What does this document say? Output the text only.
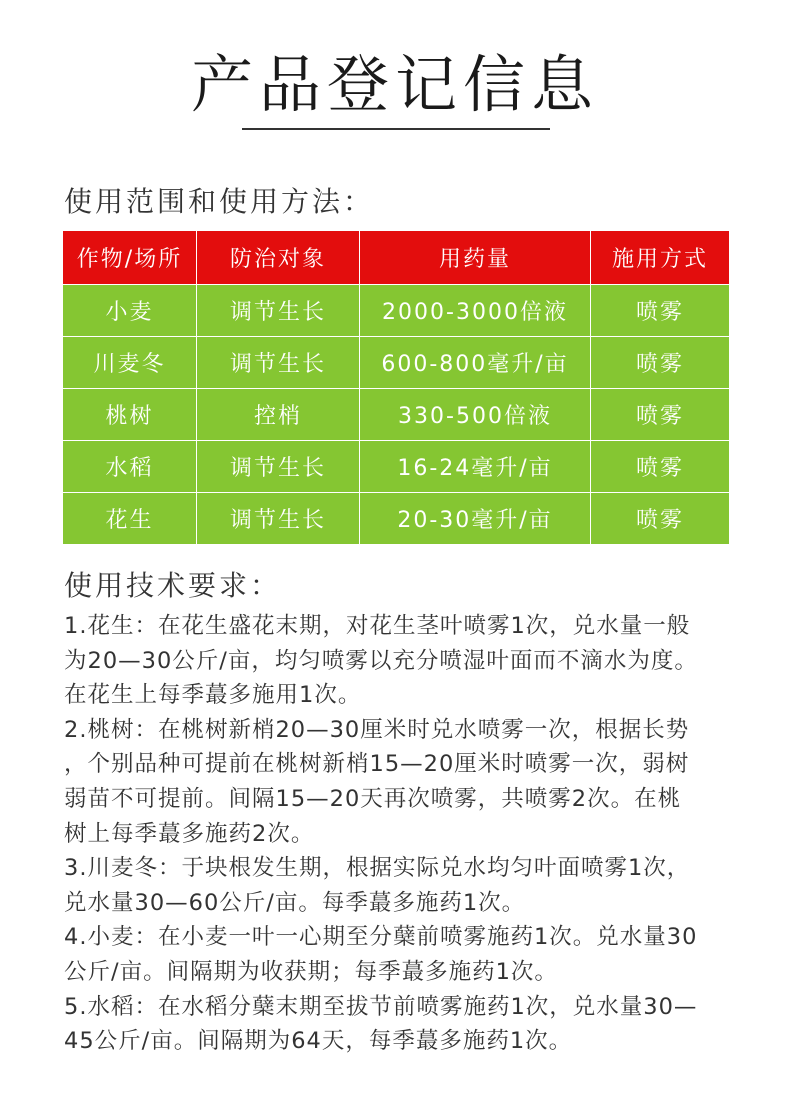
产品登记信息
使用范围和使用方法：
作物/场所	防治对象	用药量	施用方式
小麦	调节生长	2000-3000倍液	喷雾
川麦冬	调节生长	600-800毫升/亩	喷雾
桃树	控梢	330-500倍液	喷雾
水稻	调节生长	16-24毫升/亩	喷雾
花生	调节生长	20-30毫升/亩	喷雾
使用技术要求：
1.花生：在花生盛花末期，对花生茎叶喷雾1次，兑水量一般
为20—30公斤/亩，均匀喷雾以充分喷湿叶面而不滴水为度。
在花生上每季蕞多施用1次。
2.桃树：在桃树新梢20—30厘米时兑水喷雾一次，根据长势
，个别品种可提前在桃树新梢15—20厘米时喷雾一次，弱树
弱苗不可提前。间隔15—20天再次喷雾，共喷雾2次。在桃
树上每季蕞多施药2次。
3.川麦冬：于块根发生期，根据实际兑水均匀叶面喷雾1次，
兑水量30—60公斤/亩。每季蕞多施药1次。
4.小麦：在小麦一叶一心期至分蘖前喷雾施药1次。兑水量30
公斤/亩。间隔期为收获期；每季蕞多施药1次。
5.水稻：在水稻分蘖末期至拔节前喷雾施药1次，兑水量30—
45公斤/亩。间隔期为64天，每季蕞多施药1次。
